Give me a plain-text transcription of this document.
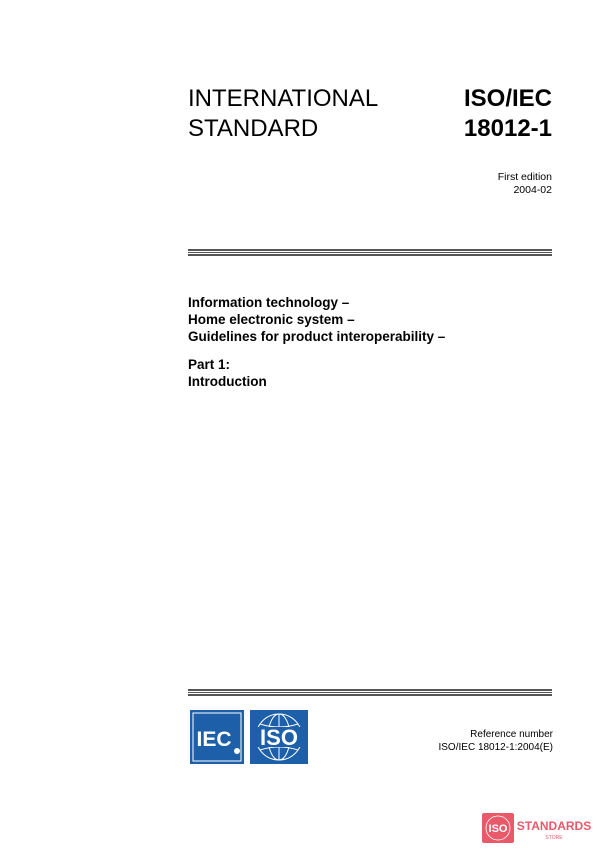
INTERNATIONAL
STANDARD
ISO/IEC
18012-1
First edition
2004-02
Information technology –
Home electronic system –
Guidelines for product interoperability –
Part 1:
Introduction
IEC ISO	Reference number
ISO/IEC 18012-1:2004(E)
ISO STANDARDS
STORE
